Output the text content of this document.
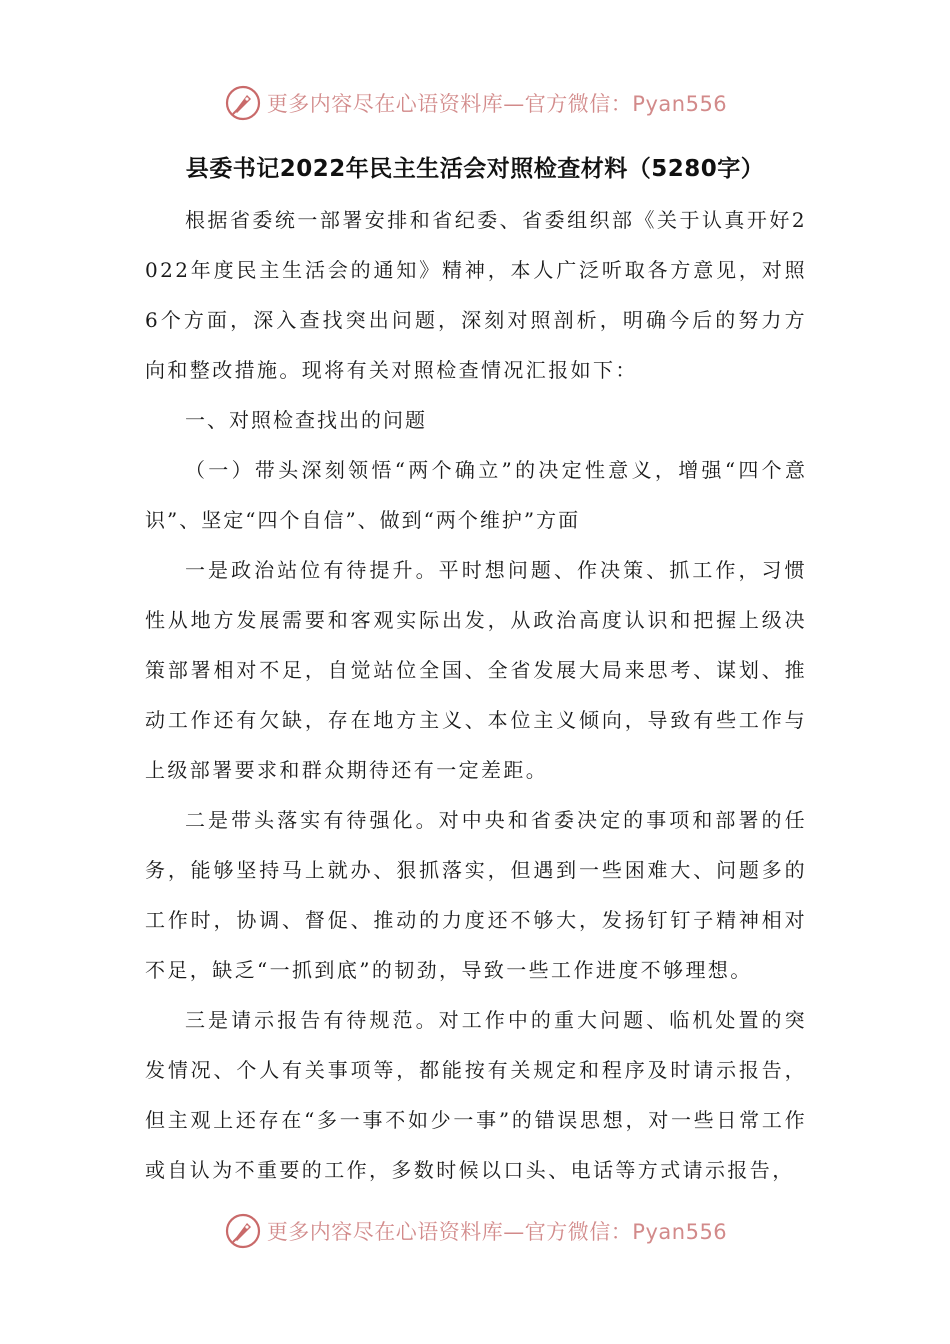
更多内容尽在心语资料库—官方微信：Pyan556
县委书记2022年民主生活会对照检查材料（5280字）

根据省委统一部署安排和省纪委、省委组织部《关于认真开好2022年度民主生活会的通知》精神，本人广泛听取各方意见，对照6个方面，深入查找突出问题，深刻对照剖析，明确今后的努力方向和整改措施。现将有关对照检查情况汇报如下：

一、对照检查找出的问题

（一）带头深刻领悟“两个确立”的决定性意义，增强“四个意识”、坚定“四个自信”、做到“两个维护”方面

一是政治站位有待提升。平时想问题、作决策、抓工作，习惯性从地方发展需要和客观实际出发，从政治高度认识和把握上级决策部署相对不足，自觉站位全国、全省发展大局来思考、谋划、推动工作还有欠缺，存在地方主义、本位主义倾向，导致有些工作与上级部署要求和群众期待还有一定差距。

二是带头落实有待强化。对中央和省委决定的事项和部署的任务，能够坚持马上就办、狠抓落实，但遇到一些困难大、问题多的工作时，协调、督促、推动的力度还不够大，发扬钉钉子精神相对不足，缺乏“一抓到底”的韧劲，导致一些工作进度不够理想。

三是请示报告有待规范。对工作中的重大问题、临机处置的突发情况、个人有关事项等，都能按有关规定和程序及时请示报告，但主观上还存在“多一事不如少一事”的错误思想，对一些日常工作或自认为不重要的工作，多数时候以口头、电话等方式请示报告，

更多内容尽在心语资料库—官方微信：Pyan556
